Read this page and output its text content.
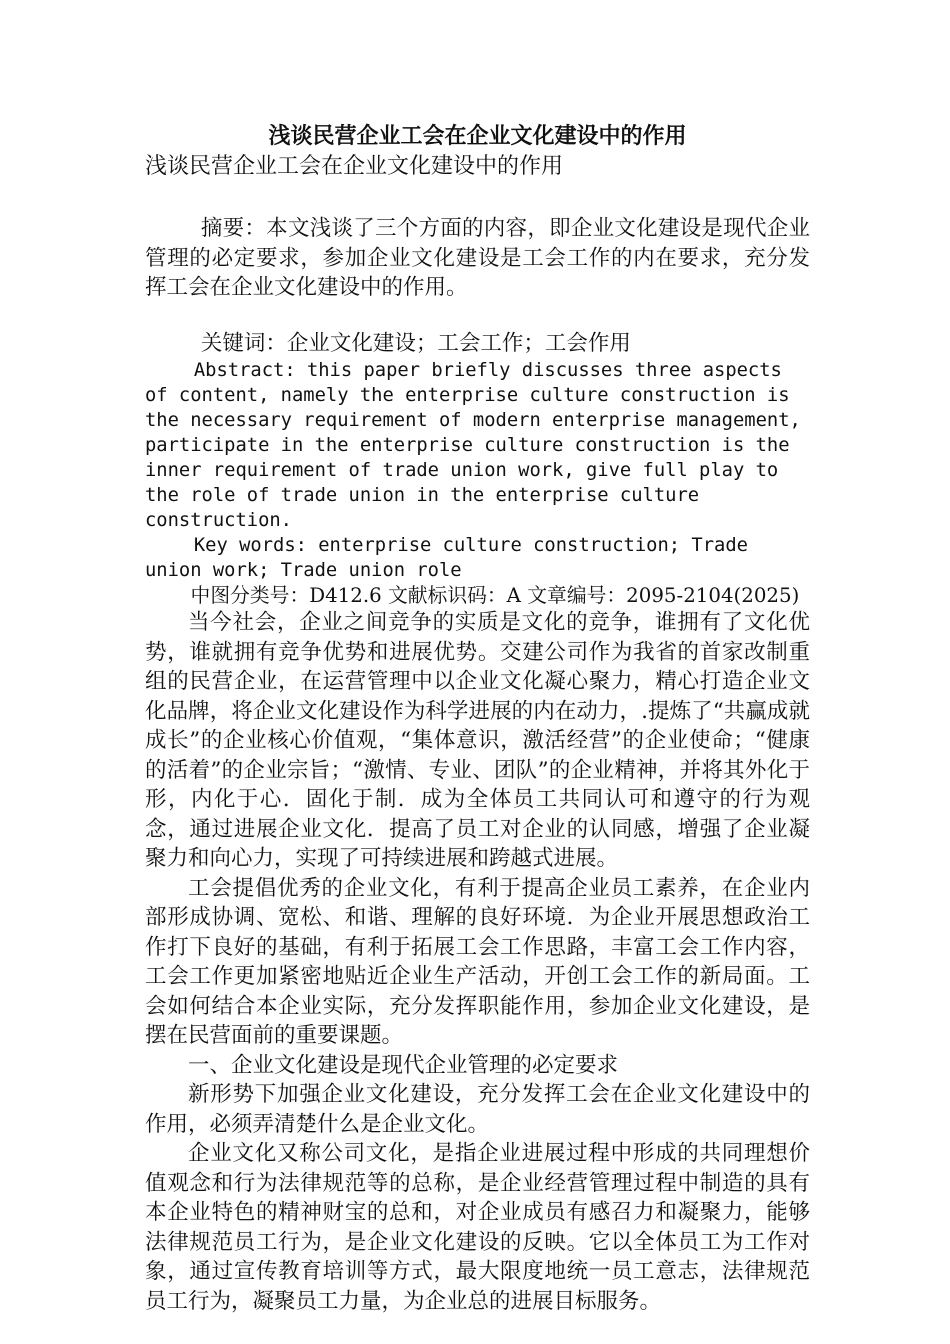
浅谈民营企业工会在企业文化建设中的作用

浅谈民营企业工会在企业文化建设中的作用

摘要：本文浅谈了三个方面的内容，即企业文化建设是现代企业管理的必定要求，参加企业文化建设是工会工作的内在要求，充分发挥工会在企业文化建设中的作用。

关键词：企业文化建设；工会工作；工会作用

Abstract: this paper briefly discusses three aspects of content, namely the enterprise culture construction is the necessary requirement of modern enterprise management, participate in the enterprise culture construction is the inner requirement of trade union work, give full play to the role of trade union in the enterprise culture construction.

Key words: enterprise culture construction; Trade union work; Trade union role

中图分类号：D412.6 文献标识码：A 文章编号：2095-2104(2025)

当今社会，企业之间竞争的实质是文化的竞争，谁拥有了文化优势，谁就拥有竞争优势和进展优势。交建公司作为我省的首家改制重组的民营企业，在运营管理中以企业文化凝心聚力，精心打造企业文化品牌，将企业文化建设作为科学进展的内在动力，.提炼了“共赢成就成长”的企业核心价值观，“集体意识，激活经营”的企业使命；“健康的活着”的企业宗旨；“激情、专业、团队”的企业精神，并将其外化于形，内化于心．固化于制．成为全体员工共同认可和遵守的行为观念，通过进展企业文化．提高了员工对企业的认同感，增强了企业凝聚力和向心力，实现了可持续进展和跨越式进展。

工会提倡优秀的企业文化，有利于提高企业员工素养，在企业内部形成协调、宽松、和谐、理解的良好环境．为企业开展思想政治工作打下良好的基础，有利于拓展工会工作思路，丰富工会工作内容，工会工作更加紧密地贴近企业生产活动，开创工会工作的新局面。工会如何结合本企业实际，充分发挥职能作用，参加企业文化建设，是摆在民营面前的重要课题。

一、企业文化建设是现代企业管理的必定要求

新形势下加强企业文化建设，充分发挥工会在企业文化建设中的作用，必须弄清楚什么是企业文化。

企业文化又称公司文化，是指企业进展过程中形成的共同理想价值观念和行为法律规范等的总称，是企业经营管理过程中制造的具有本企业特色的精神财宝的总和，对企业成员有感召力和凝聚力，能够法律规范员工行为，是企业文化建设的反映。它以全体员工为工作对象，通过宣传教育培训等方式，最大限度地统一员工意志，法律规范员工行为，凝聚员工力量，为企业总的进展目标服务。
